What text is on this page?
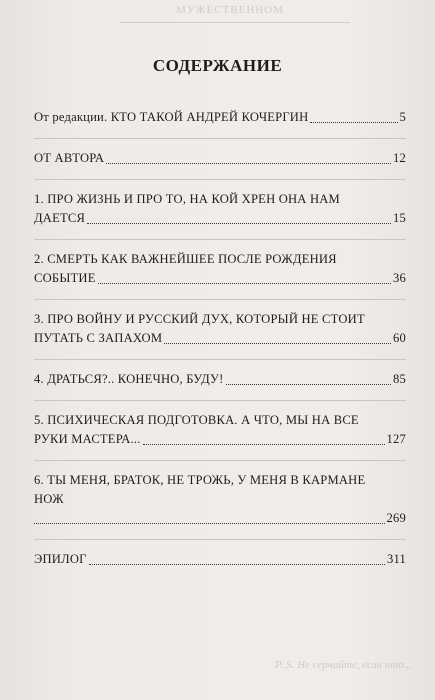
МУЖЕСТВЕННОМ

Р. S. Не серчайте, если что...
СОДЕРЖАНИЕ
От редакции. КТО ТАКОЙ АНДРЕЙ КОЧЕРГИН	5
ОТ АВТОРА	12
1. ПРО ЖИЗНЬ И ПРО ТО, НА КОЙ ХРЕН ОНА НАМ
ДАЕТСЯ	15
2. СМЕРТЬ КАК ВАЖНЕЙШЕЕ ПОСЛЕ РОЖДЕНИЯ
СОБЫТИЕ	36
3. ПРО ВОЙНУ И РУССКИЙ ДУХ, КОТОРЫЙ НЕ СТОИТ
ПУТАТЬ С ЗАПАХОМ	60
4. ДРАТЬСЯ?.. КОНЕЧНО, БУДУ!	85
5. ПСИХИЧЕСКАЯ ПОДГОТОВКА. А ЧТО, МЫ НА ВСЕ
РУКИ МАСТЕРА...	127
6. ТЫ МЕНЯ, БРАТОК, НЕ ТРОЖЬ, У МЕНЯ В КАРМАНЕ
НОЖ
269
ЭПИЛОГ	311
